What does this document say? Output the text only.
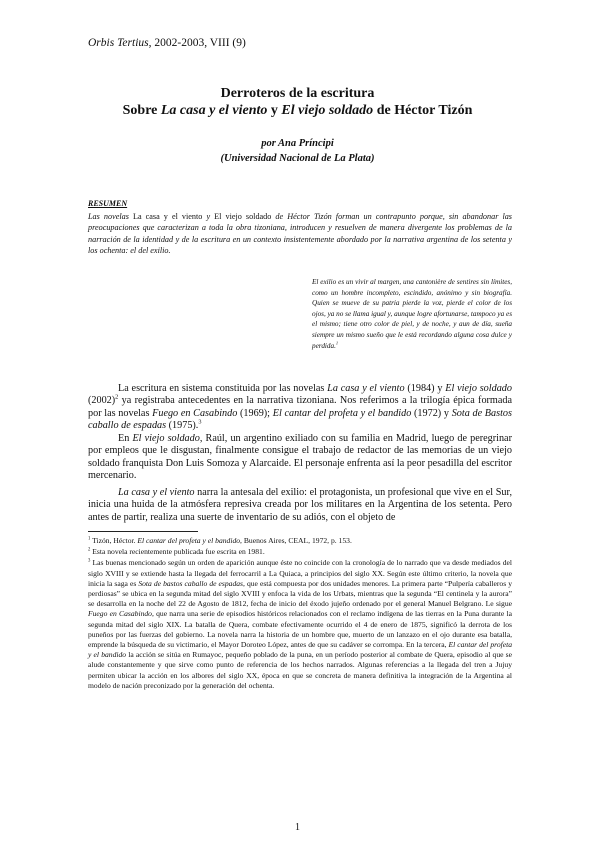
Orbis Tertius, 2002-2003, VIII (9)
Derroteros de la escritura
Sobre La casa y el viento y El viejo soldado de Héctor Tizón
por Ana Príncipi
(Universidad Nacional de La Plata)
RESUMEN
Las novelas La casa y el viento y El viejo soldado de Héctor Tizón forman un contrapunto porque, sin abandonar las preocupaciones que caracterizan a toda la obra tizoniana, introducen y resuelven de manera divergente los problemas de la narración de la identidad y de la escritura en un contexto insistentemente abordado por la narrativa argentina de los setenta y los ochenta: el del exilio.
El exilio es un vivir al margen, una cantonière de sentires sin límites, como un hombre incompleto, escindido, anónimo y sin biografía. Quien se mueve de su patria pierde la voz, pierde el color de los ojos, ya no se llama igual y, aunque logre afortunarse, tampoco ya es el mismo; tiene otro color de piel, y de noche, y aun de día, sueña siempre un mismo sueño que le está recordando alguna cosa dulce y perdida.$^1$
La escritura en sistema constituida por las novelas La casa y el viento (1984) y El viejo soldado $(2002)^2$ ya registraba antecedentes en la narrativa tizoniana. Nos referimos a la trilogía épica formada por las novelas Fuego en Casabindo (1969); El cantar del profeta y el bandido (1972) y Sota de Bastos caballo de espadas (1975).$^3$
En El viejo soldado, Raúl, un argentino exiliado con su familia en Madrid, luego de peregrinar por empleos que le disgustan, finalmente consigue el trabajo de redactor de las memorias de un viejo soldado franquista Don Luis Somoza y Alarcaide. El personaje enfrenta así la peor pesadilla del escritor mercenario.
La casa y el viento narra la antesala del exilio: el protagonista, un profesional que vive en el Sur, inicia una huida de la atmósfera represiva creada por los militares en la Argentina de los setenta. Pero antes de partir, realiza una suerte de inventario de su adiós, con el objeto de
$^1$ Tizón, Héctor. El cantar del profeta y el bandido, Buenos Aires, CEAL, 1972, p. 153.
$^2$ Esta novela recientemente publicada fue escrita en 1981.
$^3$ Las buenas mencionado según un orden de aparición aunque éste no coincide con la cronología de lo narrado que va desde mediados del siglo XVIII y se extiende hasta la llegada del ferrocarril a La Quiaca, a principios del siglo XX. Según este último criterio, la novela que inicia la saga es Sota de bastos caballo de espadas, que está compuesta por dos unidades menores. La primera parte “Pulpería caballeros y perdiosas” se ubica en la segunda mitad del siglo XVIII y enfoca la vida de los Urbats, mientras que la segunda “El centinela y la aurora” se desarrolla en la noche del 22 de Agosto de 1812, fecha de inicio del éxodo jujeño ordenado por el general Manuel Belgrano. Le sigue Fuego en Casabindo, que narra una serie de episodios históricos relacionados con el reclamo indígena de las tierras en la Puna durante la segunda mitad del siglo XIX. La batalla de Quera, combate efectivamente ocurrido el 4 de enero de 1875, significó la derrota de los puneños por las fuerzas del gobierno. La novela narra la historia de un hombre que, muerto de un lanzazo en el ojo durante esa batalla, emprende la búsqueda de su victimario, el Mayor Doroteo López, antes de que su cadáver se corrompa. En la tercera, El cantar del profeta y el bandido la acción se sitúa en Rumayoc, pequeño poblado de la puna, en un período posterior al combate de Quera, episodio al que se alude constantemente y que sirve como punto de referencia de los hechos narrados. Algunas referencias a la llegada del tren a Jujuy permiten ubicar la acción en los albores del siglo XX, época en que se concreta de manera definitiva la integración de la Argentina al modelo de nación preconizado por la generación del ochenta.
1
